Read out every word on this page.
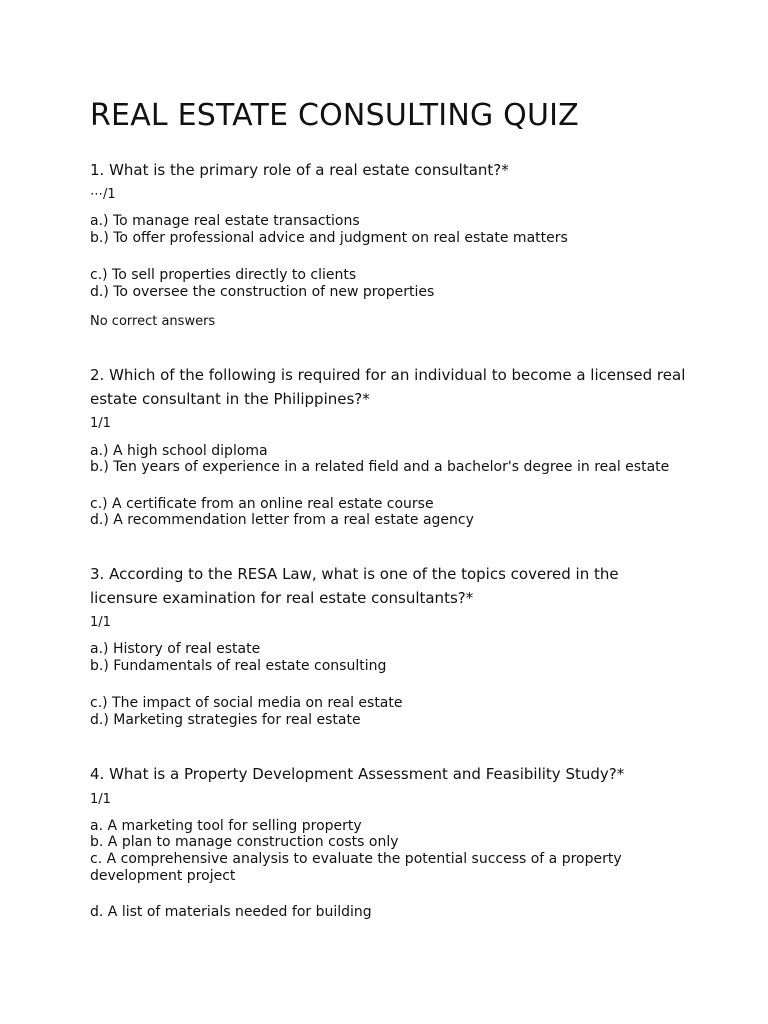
REAL ESTATE CONSULTING QUIZ
1. What is the primary role of a real estate consultant?*
⋯/1
a.) To manage real estate transactions
b.) To offer professional advice and judgment on real estate matters
c.) To sell properties directly to clients
d.) To oversee the construction of new properties
No correct answers
2. Which of the following is required for an individual to become a licensed real estate consultant in the Philippines?*
1/1
a.) A high school diploma
b.) Ten years of experience in a related field and a bachelor's degree in real estate
c.) A certificate from an online real estate course
d.) A recommendation letter from a real estate agency
3. According to the RESA Law, what is one of the topics covered in the licensure examination for real estate consultants?*
1/1
a.) History of real estate
b.) Fundamentals of real estate consulting
c.) The impact of social media on real estate
d.) Marketing strategies for real estate
4. What is a Property Development Assessment and Feasibility Study?*
1/1
a. A marketing tool for selling property
b. A plan to manage construction costs only
c. A comprehensive analysis to evaluate the potential success of a property development project
d. A list of materials needed for building
